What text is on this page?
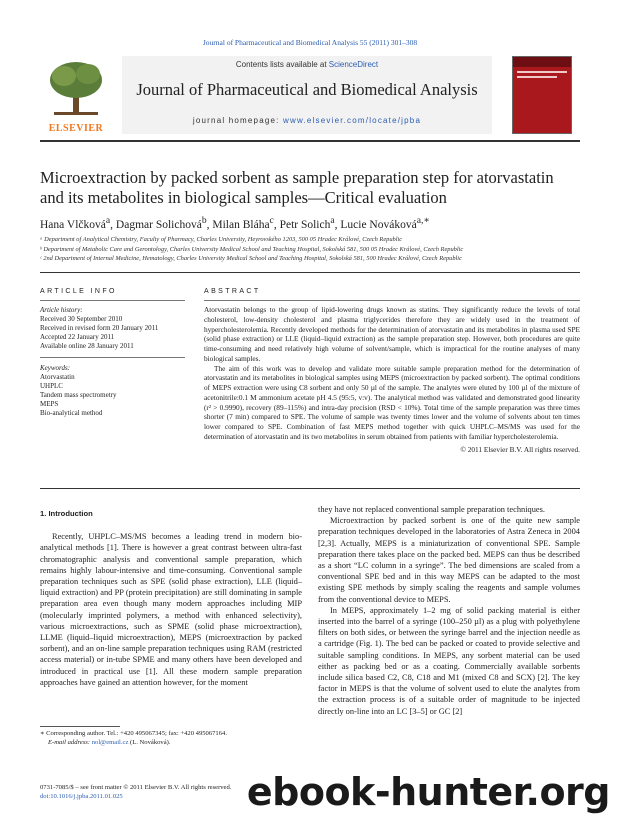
Journal of Pharmaceutical and Biomedical Analysis 55 (2011) 301–308
ELSEVIER
Contents lists available at ScienceDirect
Journal of Pharmaceutical and Biomedical Analysis
journal homepage: www.elsevier.com/locate/jpba
Microextraction by packed sorbent as sample preparation step for atorvastatin and its metabolites in biological samples—Critical evaluation
Hana Vlčková$^a$, Dagmar Solichová$^b$, Milan Bláha$^c$, Petr Solich$^a$, Lucie Nováková$^{a,∗}$
ᵃ Department of Analytical Chemistry, Faculty of Pharmacy, Charles University, Heyrovského 1203, 500 05 Hradec Králové, Czech Republic
ᵇ Department of Metabolic Care and Gerontology, Charles University Medical School and Teaching Hospital, Sokolská 581, 500 05 Hradec Králové, Czech Republic
ᶜ 2nd Department of Internal Medicine, Hematology, Charles University Medical School and Teaching Hospital, Sokolská 581, 500 Hradec Králové, Czech Republic
ARTICLE INFO
Article history:
Received 30 September 2010
Received in revised form 20 January 2011
Accepted 22 January 2011
Available online 28 January 2011
Keywords:
Atorvastatin
UHPLC
Tandem mass spectrometry
MEPS
Bio-analytical method
ABSTRACT

Atorvastatin belongs to the group of lipid-lowering drugs known as statins. They significantly reduce the levels of total cholesterol, low-density cholesterol and plasma triglycerides therefore they are widely used in the treatment of hypercholesterolemia. Recently developed methods for the determination of atorvastatin and its metabolites in plasma used SPE (solid phase extraction) or LLE (liquid–liquid extraction) as the sample preparation step. However, both procedures are quite time-consuming and need relatively high volume of solvent/sample, which is impractical for the routine analyses of many biological samples.

The aim of this work was to develop and validate more suitable sample preparation method for the determination of atorvastatin and its metabolites in biological samples using MEPS (microextraction by packed sorbent). The optimal conditions of MEPS extraction were using C8 sorbent and only 50 µl of the sample. The analytes were eluted by 100 µl of the mixture of acetonitrile:0.1 M ammonium acetate pH 4.5 (95:5, v:v). The analytical method was validated and demonstrated good linearity (r² > 0.9990), recovery (89–115%) and intra-day precision (RSD < 10%). Total time of the sample preparation was three times shorter (7 min) compared to SPE. The volume of sample was twenty times lower and the volume of solvents about ten times lower compared to SPE. Combination of fast MEPS method together with quick UHPLC–MS/MS was used for the determination of atorvastatin and its two metabolites in serum obtained from patients with familiar hypercholesterolemia.

© 2011 Elsevier B.V. All rights reserved.
1. Introduction

Recently, UHPLC–MS/MS becomes a leading trend in modern bio-analytical methods [1]. There is however a great contrast between ultra-fast chromatographic analysis and conventional sample preparation, which remains highly labour-intensive and time-consuming. Conventional sample preparation techniques such as SPE (solid phase extraction), LLE (liquid–liquid extraction) and PP (protein precipitation) are still dominating in sample preparation area even though many modern approaches including MIP (molecularly imprinted polymers, a method with enhanced selectivity), various microextractions, such as SPME (solid phase microextraction), LLME (liquid–liquid microextraction), MEPS (microextraction by packed sorbent), and an on-line sample preparation techniques using RAM (restricted access material) or in-tube SPME and many others have been developed and introduced in practical use [1]. All these modern sample preparation approaches have gained an attention however, for the moment

they have not replaced conventional sample preparation techniques.

Microextraction by packed sorbent is one of the quite new sample preparation techniques developed in the laboratories of Astra Zeneca in 2004 [2,3]. Actually, MEPS is a miniaturization of conventional SPE. Sample preparation there takes place on the packed bed. MEPS can thus be described as a short “LC column in a syringe”. The bed dimensions are scaled from a conventional SPE bed and in this way MEPS can be adapted to the most existing SPE methods by simply scaling the reagents and sample volumes from the conventional device to MEPS.

In MEPS, approximately 1–2 mg of solid packing material is either inserted into the barrel of a syringe (100–250 µl) as a plug with polyethylene filters on both sides, or between the syringe barrel and the injection needle as a cartridge (Fig. 1). The bed can be packed or coated to provide selective and suitable sampling conditions. In MEPS, any sorbent material can be used either as packing bed or as a coating. Commercially available sorbents include silica based C2, C8, C18 and M1 (mixed C8 and SCX) [2]. The key factor in MEPS is that the volume of solvent used to elute the analytes from the extraction process is of a suitable order of magnitude to be injected directly on-line into an LC [3–5] or GC [2]

∗ Corresponding author. Tel.: +420 495067345; fax: +420 495067164.
E-mail address: nol@email.cz (L. Nováková).
0731-7085/$ – see front matter © 2011 Elsevier B.V. All rights reserved.
doi:10.1016/j.jpba.2011.01.025	ebook-hunter.org
